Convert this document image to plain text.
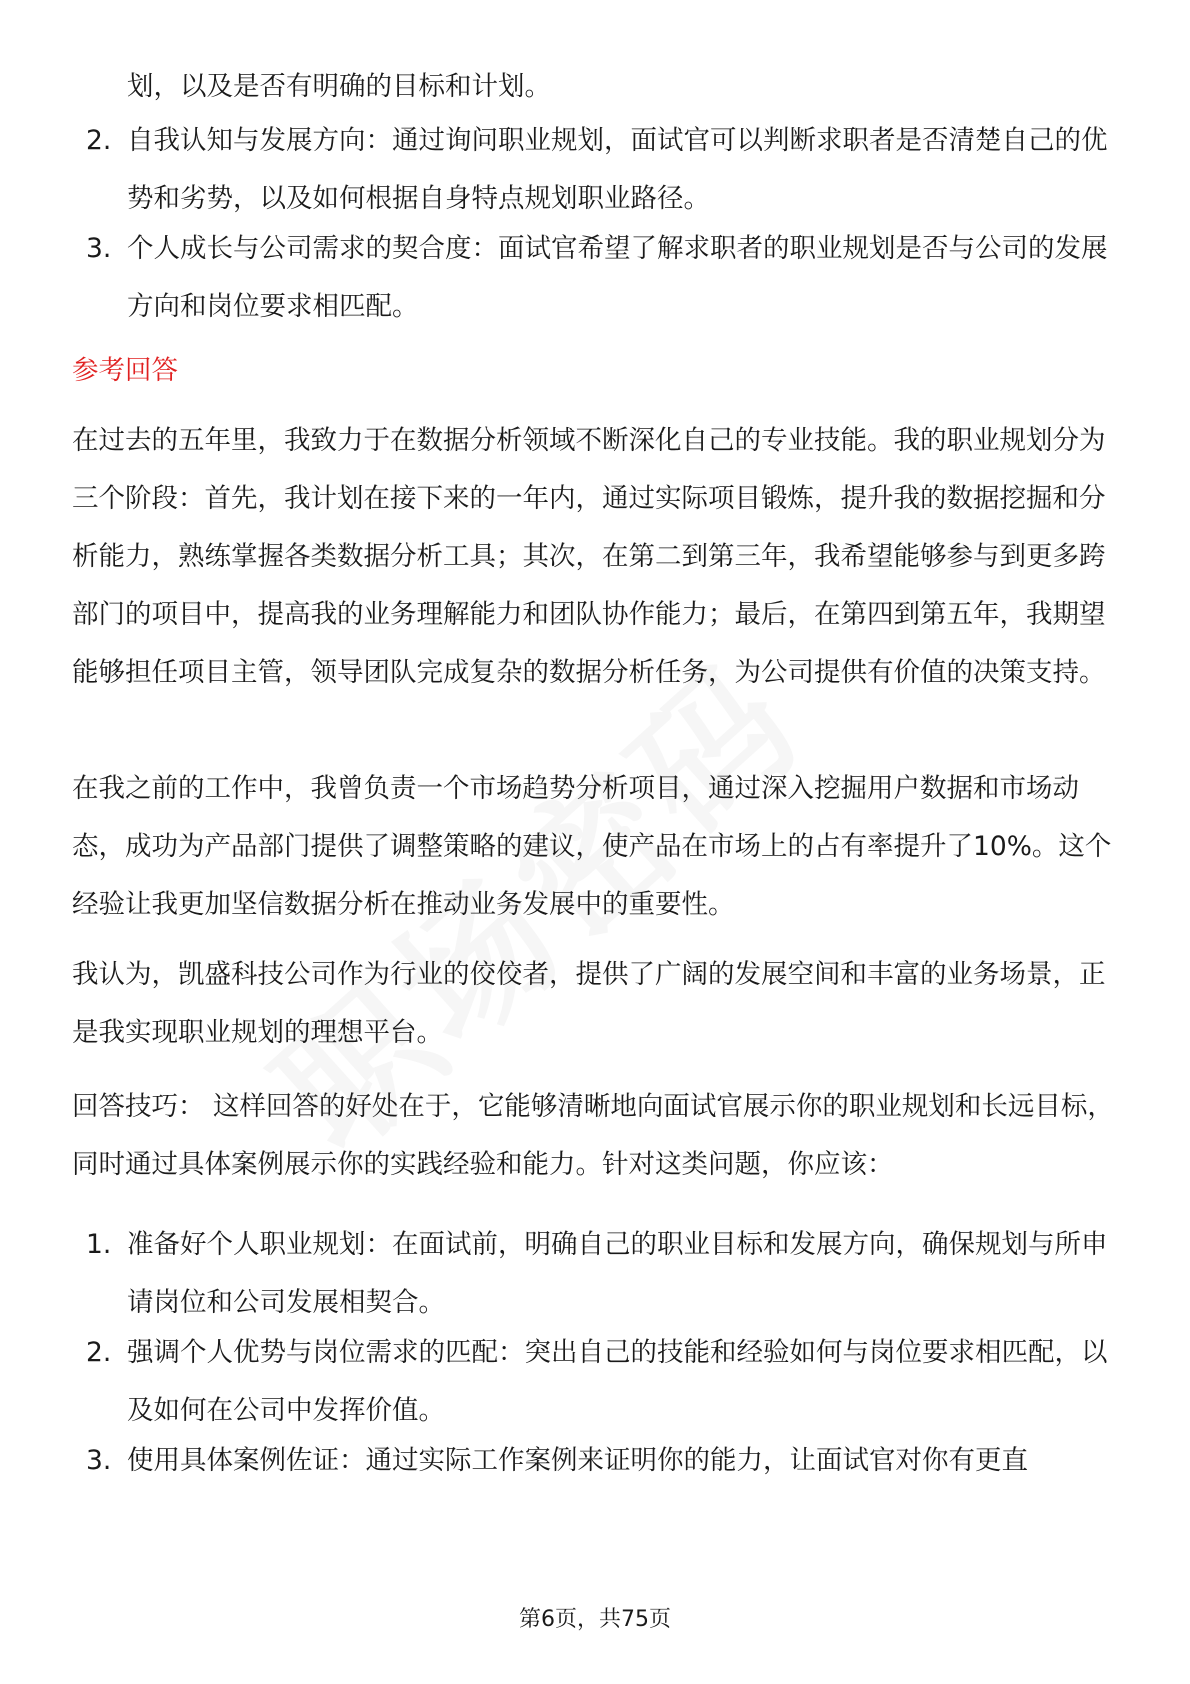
划，以及是否有明确的目标和计划。
2. 自我认知与发展方向：通过询问职业规划，面试官可以判断求职者是否清楚自己的优势和劣势，以及如何根据自身特点规划职业路径。
3. 个人成长与公司需求的契合度：面试官希望了解求职者的职业规划是否与公司的发展方向和岗位要求相匹配。
参考回答

在过去的五年里，我致力于在数据分析领域不断深化自己的专业技能。我的职业规划分为三个阶段：首先，我计划在接下来的一年内，通过实际项目锻炼，提升我的数据挖掘和分析能力，熟练掌握各类数据分析工具；其次，在第二到第三年，我希望能够参与到更多跨部门的项目中，提高我的业务理解能力和团队协作能力；最后，在第四到第五年，我期望能够担任项目主管，领导团队完成复杂的数据分析任务，为公司提供有价值的决策支持。

在我之前的工作中，我曾负责一个市场趋势分析项目，通过深入挖掘用户数据和市场动态，成功为产品部门提供了调整策略的建议，使产品在市场上的占有率提升了10%。这个经验让我更加坚信数据分析在推动业务发展中的重要性。

我认为，凯盛科技公司作为行业的佼佼者，提供了广阔的发展空间和丰富的业务场景，正是我实现职业规划的理想平台。

回答技巧： 这样回答的好处在于，它能够清晰地向面试官展示你的职业规划和长远目标，同时通过具体案例展示你的实践经验和能力。针对这类问题，你应该：

1. 准备好个人职业规划：在面试前，明确自己的职业目标和发展方向，确保规划与所申请岗位和公司发展相契合。
2. 强调个人优势与岗位需求的匹配：突出自己的技能和经验如何与岗位要求相匹配，以及如何在公司中发挥价值。
3. 使用具体案例佐证：通过实际工作案例来证明你的能力，让面试官对你有更直
第6页，共75页
